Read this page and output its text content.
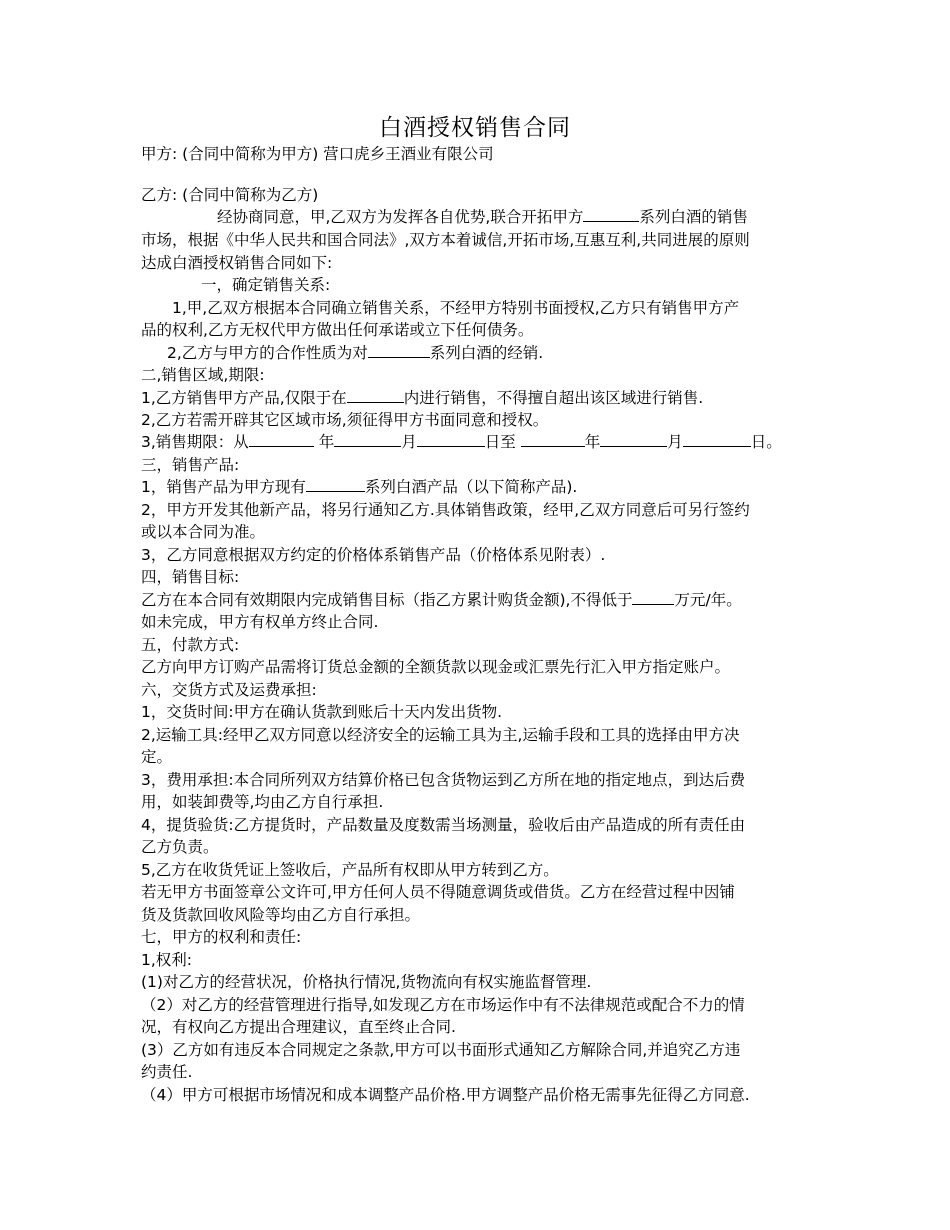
白酒授权销售合同
甲方: (合同中简称为甲方) 营口虎乡王酒业有限公司
乙方: (合同中简称为乙方)
经协商同意，甲,乙双方为发挥各自优势,联合开拓甲方	系列白酒的销售
市场，根据《中华人民共和国合同法》,双方本着诚信,开拓市场,互惠互利,共同进展的原则
达成白酒授权销售合同如下:
一，确定销售关系:
1,甲,乙双方根据本合同确立销售关系，不经甲方特别书面授权,乙方只有销售甲方产
品的权利,乙方无权代甲方做出任何承诺或立下任何债务。
2,乙方与甲方的合作性质为对	系列白酒的经销.
二,销售区域,期限:
1,乙方销售甲方产品,仅限于在	内进行销售，不得擅自超出该区域进行销售.
2,乙方若需开辟其它区域市场,须征得甲方书面同意和授权。
3,销售期限：从	年	月	日至	年	月	日。
三，销售产品:
1，销售产品为甲方现有	系列白酒产品（以下简称产品).
2，甲方开发其他新产品，将另行通知乙方.具体销售政策，经甲,乙双方同意后可另行签约
或以本合同为准。
3，乙方同意根据双方约定的价格体系销售产品（价格体系见附表）.
四，销售目标:
乙方在本合同有效期限内完成销售目标（指乙方累计购货金额),不得低于	万元/年。
如未完成，甲方有权单方终止合同.
五，付款方式:
乙方向甲方订购产品需将订货总金额的全额货款以现金或汇票先行汇入甲方指定账户。
六，交货方式及运费承担:
1，交货时间:甲方在确认货款到账后十天内发出货物.
2,运输工具:经甲乙双方同意以经济安全的运输工具为主,运输手段和工具的选择由甲方决
定。
3，费用承担:本合同所列双方结算价格已包含货物运到乙方所在地的指定地点，到达后费
用，如装卸费等,均由乙方自行承担.
4，提货验货:乙方提货时，产品数量及度数需当场测量，验收后由产品造成的所有责任由
乙方负责。
5,乙方在收货凭证上签收后，产品所有权即从甲方转到乙方。
若无甲方书面签章公文许可,甲方任何人员不得随意调货或借货。乙方在经营过程中因铺
货及货款回收风险等均由乙方自行承担。
七，甲方的权利和责任:
1,权利:
(1)对乙方的经营状况，价格执行情况,货物流向有权实施监督管理.
（2）对乙方的经营管理进行指导,如发现乙方在市场运作中有不法律规范或配合不力的情
况，有权向乙方提出合理建议，直至终止合同.
(3）乙方如有违反本合同规定之条款,甲方可以书面形式通知乙方解除合同,并追究乙方违
约责任.
（4）甲方可根据市场情况和成本调整产品价格.甲方调整产品价格无需事先征得乙方同意.
